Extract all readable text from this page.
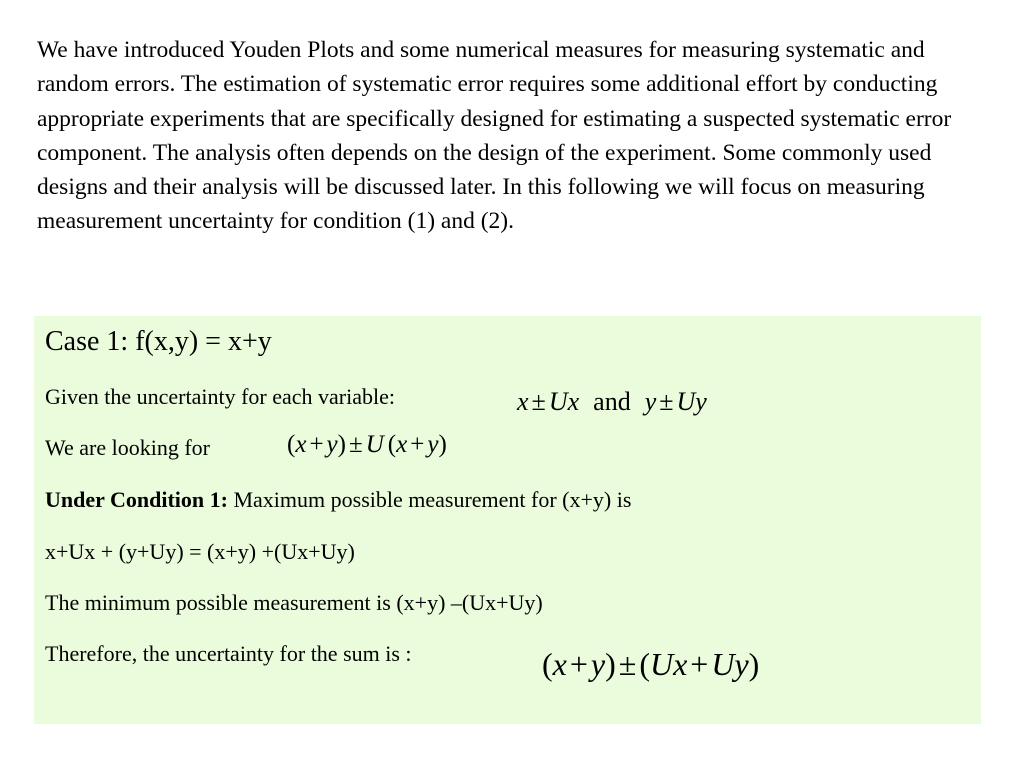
We have introduced Youden Plots and some numerical measures for measuring systematic and random errors. The estimation of systematic error requires some additional effort by conducting appropriate experiments that are specifically designed for estimating a suspected systematic error component. The analysis often depends on the design of the experiment. Some commonly used designs and their analysis will be discussed later. In this following we will focus on measuring measurement uncertainty for condition (1) and (2).

Case 1: f(x,y) = x+y

Given the uncertainty for each variable:	x ± Ux and y ± Uy

We are looking for	(x + y) ± U (x + y)

Under Condition 1: Maximum possible measurement for (x+y) is

x+Ux + (y+Uy) = (x+y) +(Ux+Uy)

The minimum possible measurement is (x+y) –(Ux+Uy)

Therefore, the uncertainty for the sum is :	(x+y)±(Ux+Uy)
